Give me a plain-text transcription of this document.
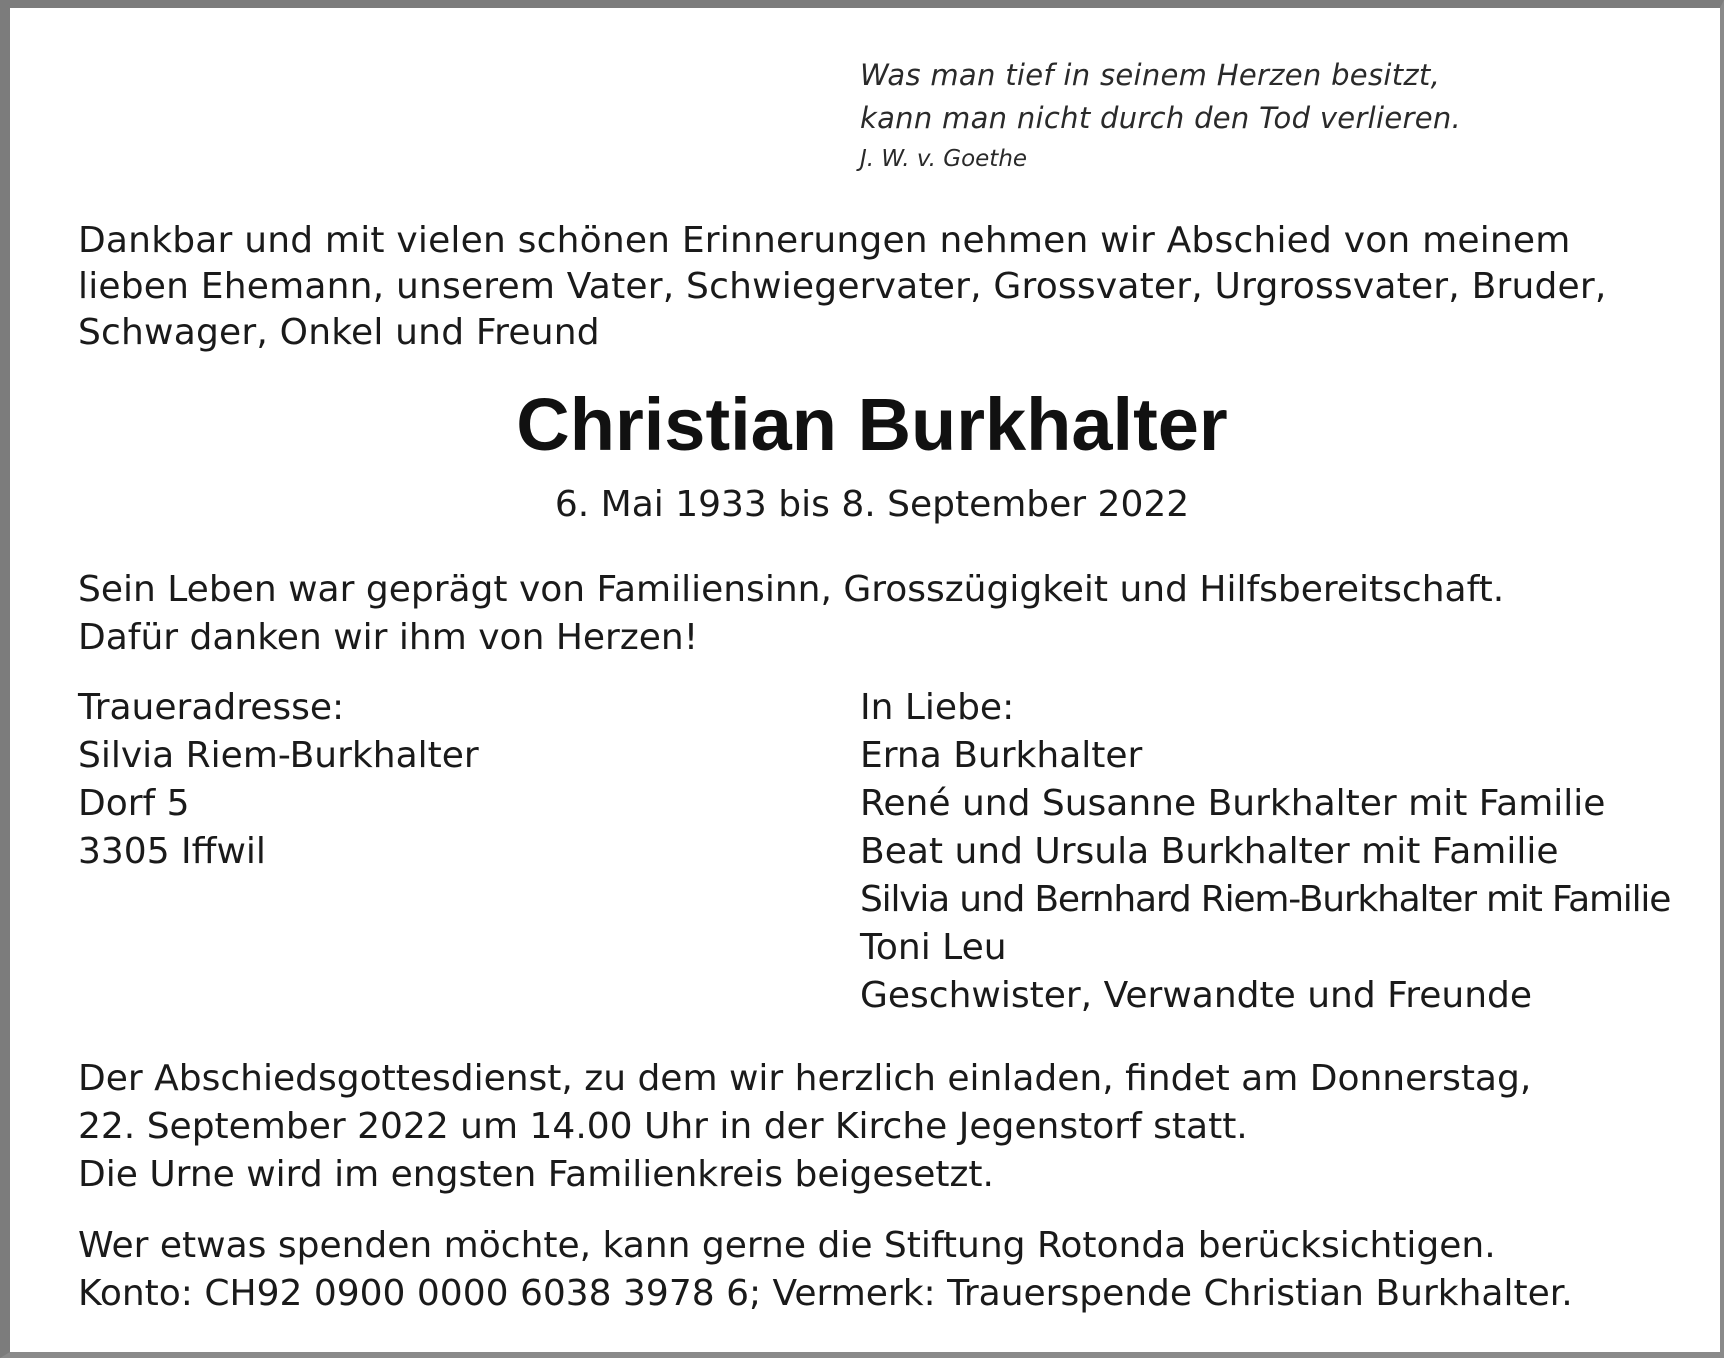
Was man tief in seinem Herzen besitzt,
kann man nicht durch den Tod verlieren.
J. W. v. Goethe
Dankbar und mit vielen schönen Erinnerungen nehmen wir Abschied von meinem
lieben Ehemann, unserem Vater, Schwiegervater, Grossvater, Urgrossvater, Bruder,
Schwager, Onkel und Freund
Christian Burkhalter
6. Mai 1933 bis 8. September 2022
Sein Leben war geprägt von Familiensinn, Grosszügigkeit und Hilfsbereitschaft.
Dafür danken wir ihm von Herzen!
Traueradresse:
Silvia Riem-Burkhalter
Dorf 5
3305 Iffwil
In Liebe:
Erna Burkhalter
René und Susanne Burkhalter mit Familie
Beat und Ursula Burkhalter mit Familie
Silvia und Bernhard Riem-Burkhalter mit Familie
Toni Leu
Geschwister, Verwandte und Freunde
Der Abschiedsgottesdienst, zu dem wir herzlich einladen, findet am Donnerstag,
22. September 2022 um 14.00 Uhr in der Kirche Jegenstorf statt.
Die Urne wird im engsten Familienkreis beigesetzt.
Wer etwas spenden möchte, kann gerne die Stiftung Rotonda berücksichtigen.
Konto: CH92 0900 0000 6038 3978 6; Vermerk: Trauerspende Christian Burkhalter.
